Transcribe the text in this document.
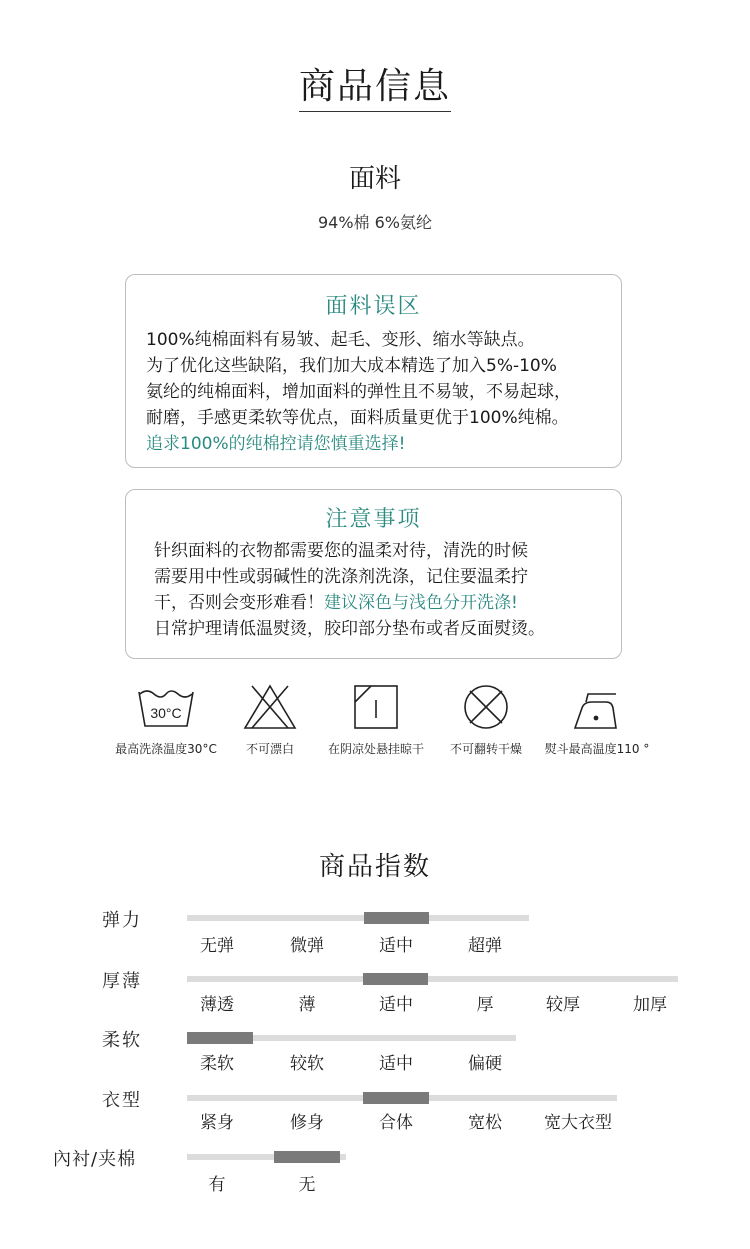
商品信息
面料
94%棉 6%氨纶
面料误区
100%纯棉面料有易皱、起毛、变形、缩水等缺点。
为了优化这些缺陷，我们加大成本精选了加入5%-10%
氨纶的纯棉面料，增加面料的弹性且不易皱，不易起球，
耐磨，手感更柔软等优点，面料质量更优于100%纯棉。
追求100%的纯棉控请您慎重选择!
注意事项
针织面料的衣物都需要您的温柔对待，清洗的时候
需要用中性或弱碱性的洗涤剂洗涤，记住要温柔拧
干，否则会变形难看！建议深色与浅色分开洗涤!
日常护理请低温熨烫，胶印部分垫布或者反面熨烫。
30°C
最高洗涤温度30°C	不可漂白	在阴凉处悬挂晾干	不可翻转干燥	熨斗最高温度110 °
商品指数
弹力
无弹	微弹	适中	超弹
厚薄
薄透	薄	适中	厚	较厚	加厚
柔软
柔软	较软	适中	偏硬
衣型
紧身	修身	合体	宽松	宽大衣型
內衬/夹棉
有	无
